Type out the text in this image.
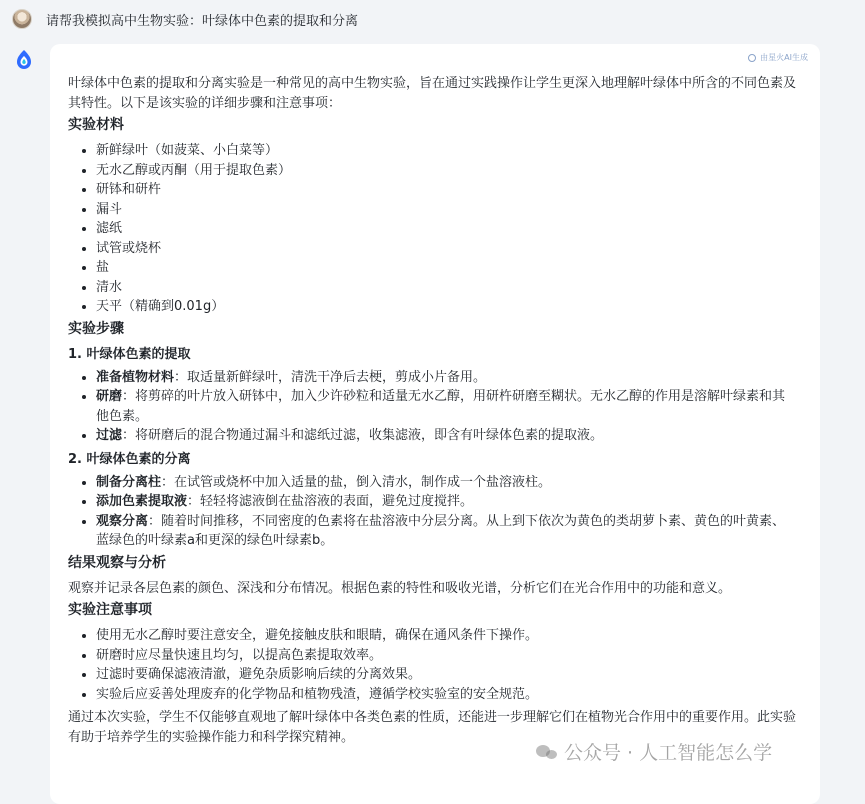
请帮我模拟高中生物实验：叶绿体中色素的提取和分离
由星火AI生成

叶绿体中色素的提取和分离实验是一种常见的高中生物实验，旨在通过实践操作让学生更深入地理解叶绿体中所含的不同色素及其特性。以下是该实验的详细步骤和注意事项：

实验材料
• 新鲜绿叶（如菠菜、小白菜等）
• 无水乙醇或丙酮（用于提取色素）
• 研钵和研杵
• 漏斗
• 滤纸
• 试管或烧杯
• 盐
• 清水
• 天平（精确到0.01g）
实验步骤
1. 叶绿体色素的提取
• 准备植物材料：取适量新鲜绿叶，清洗干净后去梗，剪成小片备用。
• 研磨：将剪碎的叶片放入研钵中，加入少许砂粒和适量无水乙醇，用研杵研磨至糊状。无水乙醇的作用是溶解叶绿素和其他色素。
• 过滤：将研磨后的混合物通过漏斗和滤纸过滤，收集滤液，即含有叶绿体色素的提取液。
2. 叶绿体色素的分离
• 制备分离柱：在试管或烧杯中加入适量的盐，倒入清水，制作成一个盐溶液柱。
• 添加色素提取液：轻轻将滤液倒在盐溶液的表面，避免过度搅拌。
• 观察分离：随着时间推移，不同密度的色素将在盐溶液中分层分离。从上到下依次为黄色的类胡萝卜素、黄色的叶黄素、蓝绿色的叶绿素a和更深的绿色叶绿素b。
结果观察与分析

观察并记录各层色素的颜色、深浅和分布情况。根据色素的特性和吸收光谱，分析它们在光合作用中的功能和意义。

实验注意事项
• 使用无水乙醇时要注意安全，避免接触皮肤和眼睛，确保在通风条件下操作。
• 研磨时应尽量快速且均匀，以提高色素提取效率。
• 过滤时要确保滤液清澈，避免杂质影响后续的分离效果。
• 实验后应妥善处理废弃的化学物品和植物残渣，遵循学校实验室的安全规范。

通过本次实验，学生不仅能够直观地了解叶绿体中各类色素的性质，还能进一步理解它们在植物光合作用中的重要作用。此实验有助于培养学生的实验操作能力和科学探究精神。

公众号 · 人工智能怎么学
